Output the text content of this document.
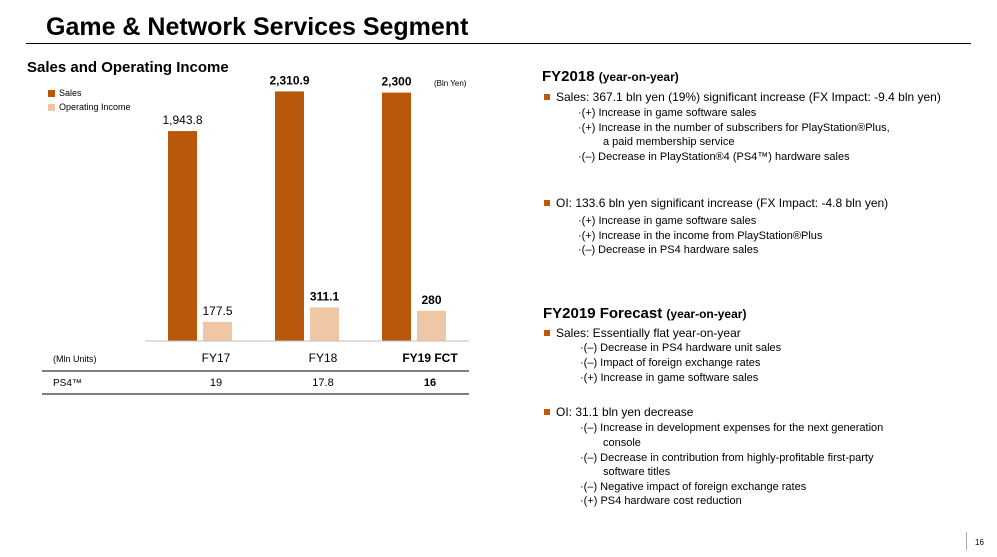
Game & Network Services Segment
Sales and Operating Income
Sales
Operating Income
(Bln Yen)
1,943.8
2,310.9	2,300
177.5
311.1	280
FY17	FY18	FY19 FCT
(Mln Units)
PS4™	19	17.8	16
FY2018 (year-on-year)
Sales: 367.1 bln yen (19%) significant increase (FX Impact: -9.4 bln yen)
·(+) Increase in game software sales
·(+) Increase in the number of subscribers for PlayStation®Plus,
a paid membership service
·(–) Decrease in PlayStation®4 (PS4™) hardware sales
OI: 133.6 bln yen significant increase (FX Impact: -4.8 bln yen)
·(+) Increase in game software sales
·(+) Increase in the income from PlayStation®Plus
·(–) Decrease in PS4 hardware sales
FY2019 Forecast (year-on-year)
Sales: Essentially flat year-on-year
·(–) Decrease in PS4 hardware unit sales
·(–) Impact of foreign exchange rates
·(+) Increase in game software sales
OI: 31.1 bln yen decrease
·(–) Increase in development expenses for the next generation
console
·(–) Decrease in contribution from highly-profitable first-party
software titles
·(–) Negative impact of foreign exchange rates
·(+) PS4 hardware cost reduction
16
